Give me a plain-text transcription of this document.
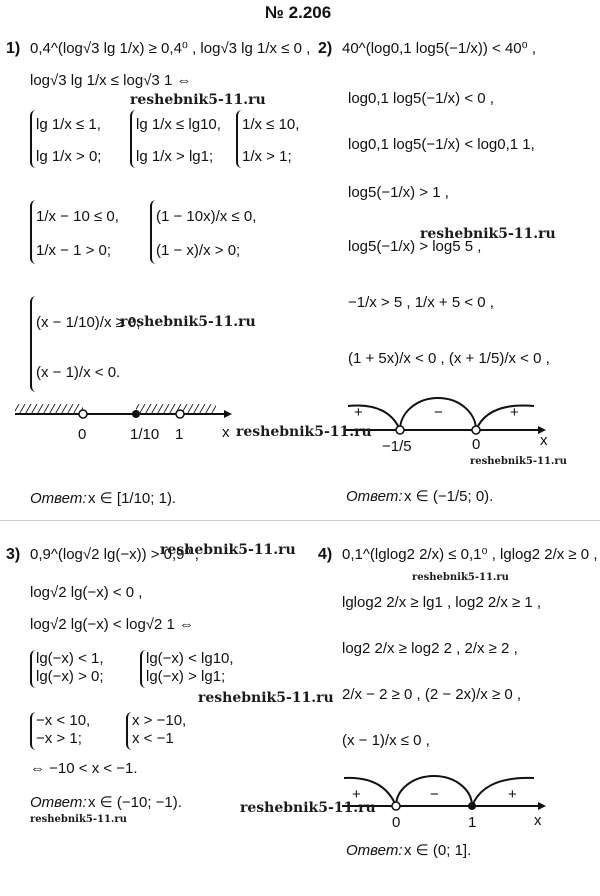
№ 2.206
1) 0,4^(log√3 lg 1/x) ≥ 0,4⁰ , log√3 lg 1/x ≤ 0 ,
log√3 lg 1/x ≤ log√3 1 ⇔
lg 1/x ≤ 1,
lg 1/x > 0;
lg 1/x ≤ lg10,
lg 1/x > lg1;
1/x ≤ 10,
1/x > 1;
1/x − 10 ≤ 0,
1/x − 1 > 0;
(1 − 10x)/x ≤ 0,
(1 − x)/x > 0;
(x − 1/10)/x ≥ 0,
(x − 1)/x < 0.
0	1/10 1	x
Ответ: x ∈ [1/10; 1).
2) 40^(log0,1 log5(−1/x)) < 40⁰ ,
log0,1 log5(−1/x) < 0 ,
log0,1 log5(−1/x) < log0,1 1,
log5(−1/x) > 1 ,
log5(−1/x) > log5 5 ,
−1/x > 5 , 1/x + 5 < 0 ,
(1 + 5x)/x < 0 , (x + 1/5)/x < 0 ,
+	−	+
−1/5	0	x
Ответ: x ∈ (−1/5; 0).
3) 0,9^(log√2 lg(−x)) > 0,9⁰ ,
log√2 lg(−x) < 0 ,
log√2 lg(−x) < log√2 1 ⇔
lg(−x) < 1,
lg(−x) > 0;
lg(−x) < lg10,
lg(−x) > lg1;
−x < 10,
−x > 1;
x > −10,
x < −1
⇔ −10 < x < −1.
Ответ: x ∈ (−10; −1).
4) 0,1^(lglog2 2/x) ≤ 0,1⁰ , lglog2 2/x ≥ 0 ,
lglog2 2/x ≥ lg1 , log2 2/x ≥ 1 ,
log2 2/x ≥ log2 2 , 2/x ≥ 2 ,
2/x − 2 ≥ 0 , (2 − 2x)/x ≥ 0 ,
(x − 1)/x ≤ 0 ,
+	−	+
0	1	x
Ответ: x ∈ (0; 1].
reshebnik5-11.ru
reshebnik5-11.ru
reshebnik5-11.ru
reshebnik5-11.ru
reshebnik5-11.ru
reshebnik5-11.ru
reshebnik5-11.ru
reshebnik5-11.ru
reshebnik5-11.ru
reshebnik5-11.ru
